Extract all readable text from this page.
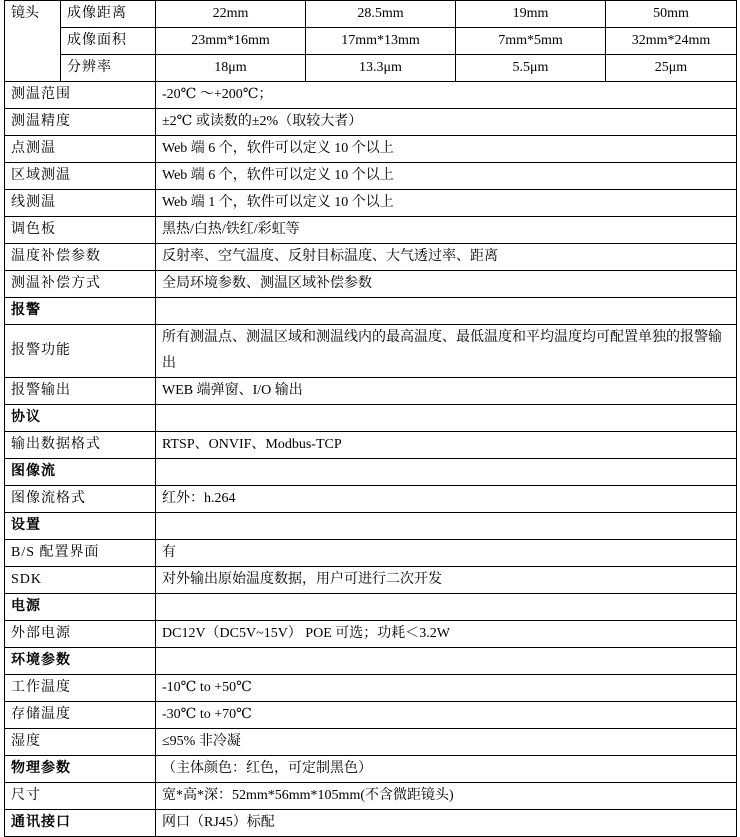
镜头	成像距离	22mm	28.5mm	19mm	50mm
	成像面积	23mm*16mm	17mm*13mm	7mm*5mm	32mm*24mm
	分辨率	18μm	13.3μm	5.5μm	25μm
测温范围		-20℃ ～+200℃；			
测温精度		±2℃ 或读数的±2%（取较大者）			
点测温		Web 端 6 个，软件可以定义 10 个以上			
区域测温		Web 端 6 个，软件可以定义 10 个以上			
线测温		Web 端 1 个，软件可以定义 10 个以上			
调色板		黑热/白热/铁红/彩虹等			
温度补偿参数		反射率、空气温度、反射目标温度、大气透过率、距离			
测温补偿方式		全局环境参数、测温区域补偿参数			
报警					
报警功能		所有测温点、测温区域和测温线内的最高温度、最低温度和平均温度均可配置单独的报警输出			
报警输出		WEB 端弹窗、I/O 输出			
协议					
输出数据格式		RTSP、ONVIF、Modbus-TCP			
图像流					
图像流格式		红外：h.264			
设置					
B/S 配置界面		有			
SDK		对外输出原始温度数据，用户可进行二次开发			
电源					
外部电源		DC12V（DC5V~15V） POE 可选；功耗＜3.2W			
环境参数					
工作温度		-10℃ to +50℃			
存储温度		-30℃ to +70℃			
湿度		≤95% 非冷凝			
物理参数		（主体颜色：红色，可定制黑色）			
尺寸		宽*高*深：52mm*56mm*105mm(不含微距镜头)			
通讯接口		网口（RJ45）标配			
